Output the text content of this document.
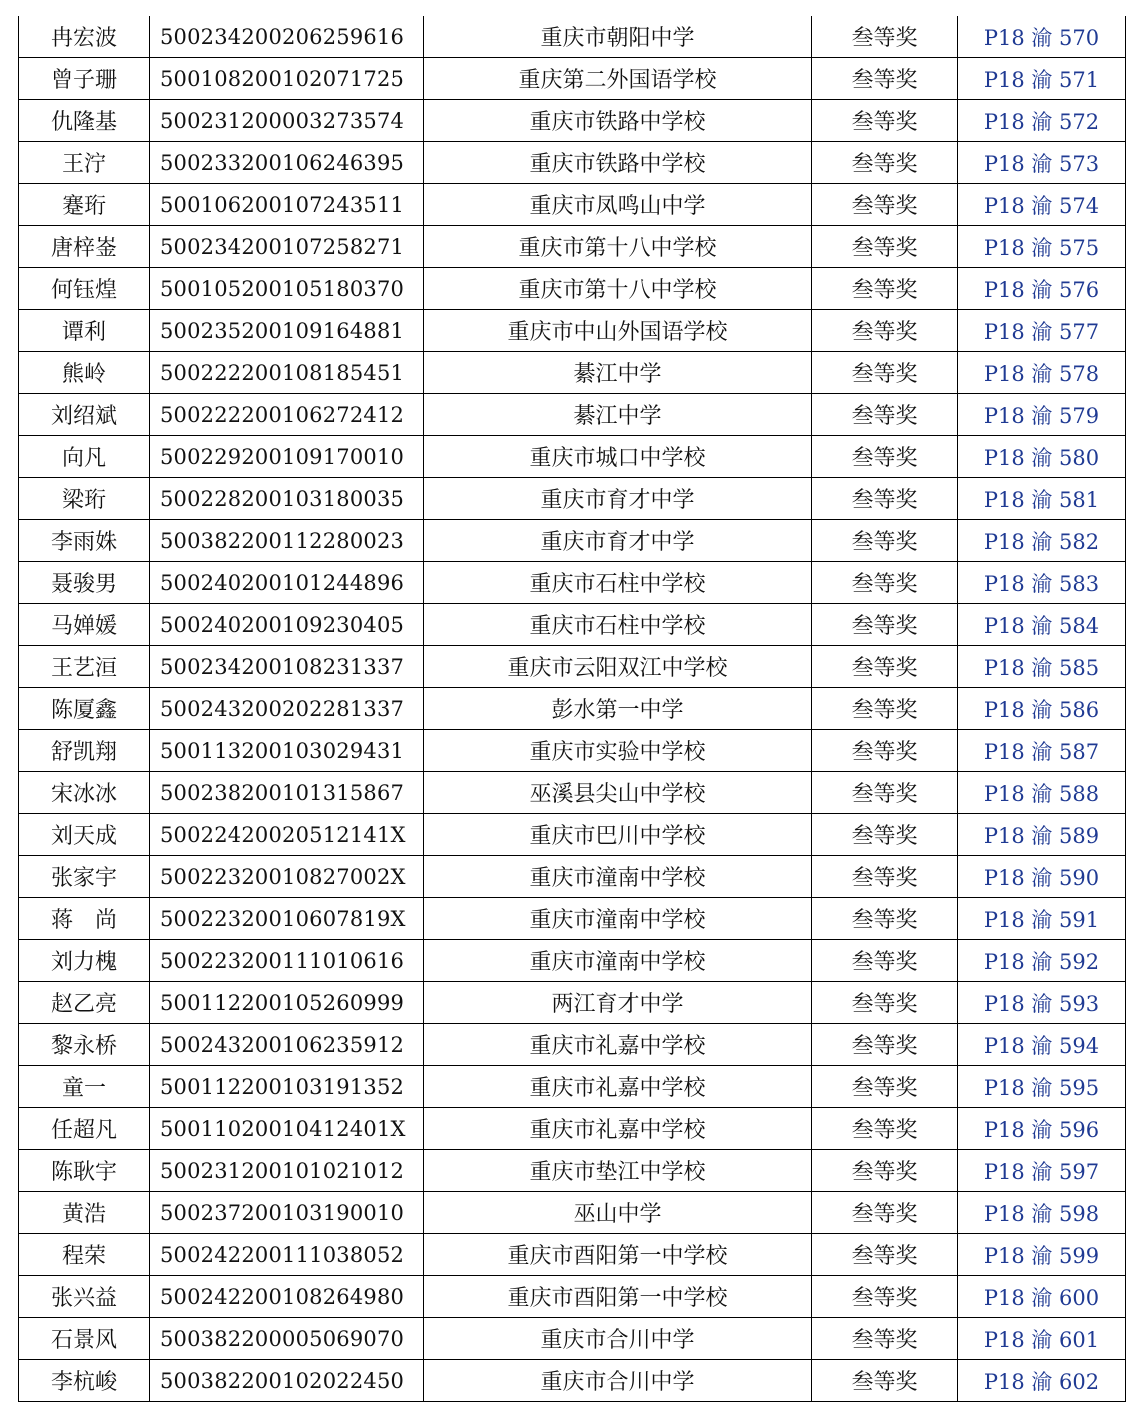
冉宏波	500234200206259616	重庆市朝阳中学	叁等奖	P18 渝 570
曾子珊	500108200102071725	重庆第二外国语学校	叁等奖	P18 渝 571
仇隆基	500231200003273574	重庆市铁路中学校	叁等奖	P18 渝 572
王泞	500233200106246395	重庆市铁路中学校	叁等奖	P18 渝 573
蹇珩	500106200107243511	重庆市凤鸣山中学	叁等奖	P18 渝 574
唐梓崟	500234200107258271	重庆市第十八中学校	叁等奖	P18 渝 575
何钰煌	500105200105180370	重庆市第十八中学校	叁等奖	P18 渝 576
谭利	500235200109164881	重庆市中山外国语学校	叁等奖	P18 渝 577
熊岭	500222200108185451	綦江中学	叁等奖	P18 渝 578
刘绍斌	500222200106272412	綦江中学	叁等奖	P18 渝 579
向凡	500229200109170010	重庆市城口中学校	叁等奖	P18 渝 580
梁珩	500228200103180035	重庆市育才中学	叁等奖	P18 渝 581
李雨姝	500382200112280023	重庆市育才中学	叁等奖	P18 渝 582
聂骏男	500240200101244896	重庆市石柱中学校	叁等奖	P18 渝 583
马婵媛	500240200109230405	重庆市石柱中学校	叁等奖	P18 渝 584
王艺洹	500234200108231337	重庆市云阳双江中学校	叁等奖	P18 渝 585
陈厦鑫	500243200202281337	彭水第一中学	叁等奖	P18 渝 586
舒凯翔	500113200103029431	重庆市实验中学校	叁等奖	P18 渝 587
宋冰冰	500238200101315867	巫溪县尖山中学校	叁等奖	P18 渝 588
刘天成	50022420020512141X	重庆市巴川中学校	叁等奖	P18 渝 589
张家宇	50022320010827002X	重庆市潼南中学校	叁等奖	P18 渝 590
蒋　尚	50022320010607819X	重庆市潼南中学校	叁等奖	P18 渝 591
刘力槐	500223200111010616	重庆市潼南中学校	叁等奖	P18 渝 592
赵乙亮	500112200105260999	两江育才中学	叁等奖	P18 渝 593
黎永桥	500243200106235912	重庆市礼嘉中学校	叁等奖	P18 渝 594
童一	500112200103191352	重庆市礼嘉中学校	叁等奖	P18 渝 595
任超凡	50011020010412401X	重庆市礼嘉中学校	叁等奖	P18 渝 596
陈耿宇	500231200101021012	重庆市垫江中学校	叁等奖	P18 渝 597
黄浩	500237200103190010	巫山中学	叁等奖	P18 渝 598
程荣	500242200111038052	重庆市酉阳第一中学校	叁等奖	P18 渝 599
张兴益	500242200108264980	重庆市酉阳第一中学校	叁等奖	P18 渝 600
石景风	500382200005069070	重庆市合川中学	叁等奖	P18 渝 601
李杭峻	500382200102022450	重庆市合川中学	叁等奖	P18 渝 602
